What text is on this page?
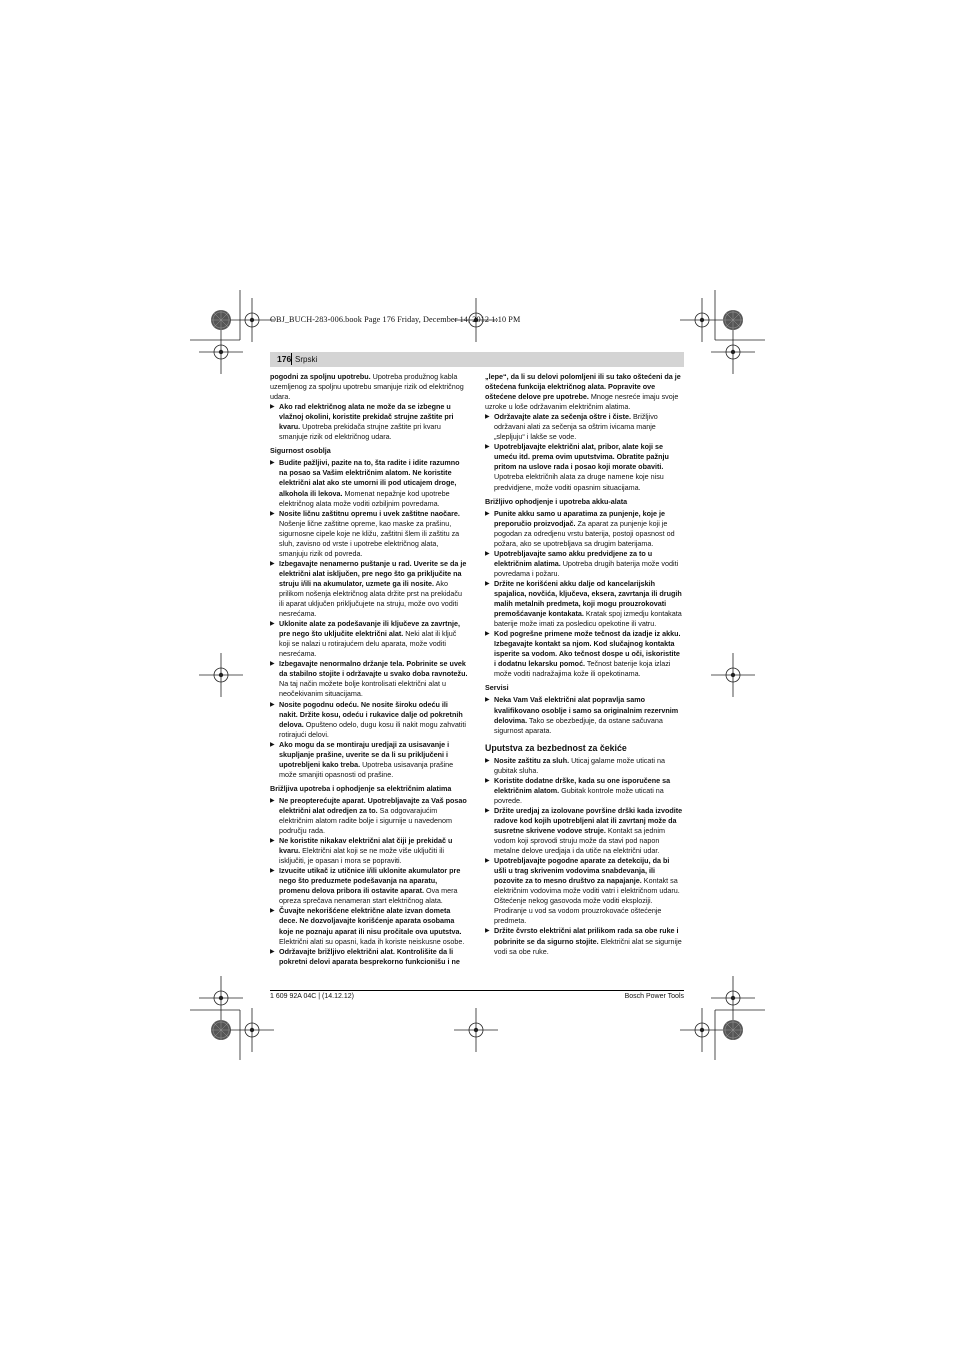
OBJ_BUCH-283-006.book Page 176 Friday, December 14, 2012 1:10 PM
176 Srpski

pogodni za spoljnu upotrebu. Upotreba produžnog kabla uzemljenog za spoljnu upotrebu smanjuje rizik od električnog udara.

▶ Ako rad električnog alata ne može da se izbegne u vlažnoj okolini, koristite prekidač strujne zaštite pri kvaru. Upotreba prekidača strujne zaštite pri kvaru smanjuje rizik od električnog udara.

Sigurnost osoblja

▶ Budite pažljivi, pazite na to, šta radite i idite razumno na posao sa Vašim električnim alatom. Ne koristite električni alat ako ste umorni ili pod uticajem droge, alkohola ili lekova. Momenat nepažnje kod upotrebe električnog alata može voditi ozbiljnim povredama.

▶ Nosite ličnu zaštitnu opremu i uvek zaštitne naočare. Nošenje lične zaštitne opreme, kao maske za prašinu, sigurnosne cipele koje ne kližu, zaštitni šlem ili zaštitu za sluh, zavisno od vrste i upotrebe električnog alata, smanjuju rizik od povreda.

▶ Izbegavajte nenamerno puštanje u rad. Uverite se da je električni alat isključen, pre nego što ga priključite na struju i/ili na akumulator, uzmete ga ili nosite. Ako prilikom nošenja električnog alata držite prst na prekidaču ili aparat uključen priključujete na struju, može ovo voditi nesrećama.

▶ Uklonite alate za podešavanje ili ključeve za zavrtnje, pre nego što uključite električni alat. Neki alat ili ključ koji se nalazi u rotirajućem delu aparata, može voditi nesrećama.

▶ Izbegavajte nenormalno držanje tela. Pobrinite se uvek da stabilno stojite i održavajte u svako doba ravnotežu. Na taj način možete bolje kontrolisati električni alat u neočekivanim situacijama.

▶ Nosite pogodnu odeću. Ne nosite široku odeću ili nakit. Držite kosu, odeću i rukavice dalje od pokretnih delova. Opušteno odelo, dugu kosu ili nakit mogu zahvatiti rotirajući delovi.

▶ Ako mogu da se montiraju uredjaji za usisavanje i skupljanje prašine, uverite se da li su priključeni i upotrebljeni kako treba. Upotreba usisavanja prašine može smanjiti opasnosti od prašine.

Brižljiva upotreba i ophodjenje sa električnim alatima

▶ Ne preopterećujte aparat. Upotrebljavajte za Vaš posao električni alat odredjen za to. Sa odgovarajućim električnim alatom radite bolje i sigurnije u navedenom području rada.

▶ Ne koristite nikakav električni alat čiji je prekidač u kvaru. Električni alat koji se ne može više uključiti ili isključiti, je opasan i mora se popraviti.

▶ Izvucite utikač iz utičnice i/ili uklonite akumulator pre nego što preduzmete podešavanja na aparatu, promenu delova pribora ili ostavite aparat. Ova mera opreza sprečava nenameran start električnog alata.

▶ Čuvajte nekorišćene električne alate izvan dometa dece. Ne dozvoljavajte korišćenje aparata osobama koje ne poznaju aparat ili nisu pročitale ova uputstva. Električni alati su opasni, kada ih koriste neiskusne osobe.

▶ Održavajte brižljivo električni alat. Kontrolišite da li pokretni delovi aparata besprekorno funkcionišu i ne

„lepe“, da li su delovi polomljeni ili su tako oštećeni da je oštećena funkcija električnog alata. Popravite ove oštećene delove pre upotrebe. Mnoge nesreće imaju svoje uzroke u loše održavanim električnim alatima.

▶ Održavajte alate za sečenja oštre i čiste. Brižljivo održavani alati za sečenja sa oštrim ivicama manje „slepljuju“ i lakše se vode.

▶ Upotrebljavajte električni alat, pribor, alate koji se umeću itd. prema ovim uputstvima. Obratite pažnju pritom na uslove rada i posao koji morate obaviti. Upotreba električnih alata za druge namene koje nisu predvidjene, može voditi opasnim situacijama.

Brižljivo ophodjenje i upotreba akku-alata

▶ Punite akku samo u aparatima za punjenje, koje je preporučio proizvodjač. Za aparat za punjenje koji je pogodan za odredjenu vrstu baterija, postoji opasnost od požara, ako se upotrebljava sa drugim baterijama.

▶ Upotrebljavajte samo akku predvidjene za to u električnim alatima. Upotreba drugih baterija može voditi povredama i požaru.

▶ Držite ne korišćeni akku dalje od kancelarijskih spajalica, novčića, ključeva, eksera, zavrtanja ili drugih malih metalnih predmeta, koji mogu prouzrokovati premošćavanje kontakata. Kratak spoj izmedju kontakata baterije može imati za posledicu opekotine ili vatru.

▶ Kod pogrešne primene može tečnost da izadje iz akku. Izbegavajte kontakt sa njom. Kod slučajnog kontakta isperite sa vodom. Ako tečnost dospe u oči, iskoristite i dodatnu lekarsku pomoć. Tečnost baterije koja izlazi može voditi nadražajima kože ili opekotinama.

Servisi

▶ Neka Vam Vaš električni alat popravlja samo kvalifikovano osoblje i samo sa originalnim rezervnim delovima. Tako se obezbedjuje, da ostane sačuvana sigurnost aparata.

Uputstva za bezbednost za čekiće

▶ Nosite zaštitu za sluh. Uticaj galame može uticati na gubitak sluha.

▶ Koristite dodatne drške, kada su one isporučene sa električnim alatom. Gubitak kontrole može uticati na povrede.

▶ Držite uredjaj za izolovane površine drški kada izvodite radove kod kojih upotrebljeni alat ili zavrtanj može da susretne skrivene vodove struje. Kontakt sa jednim vodom koji sprovodi struju može da stavi pod napon metalne delove uredjaja i da utiče na električni udar.

▶ Upotrebljavajte pogodne aparate za detekciju, da bi ušli u trag skrivenim vodovima snabdevanja, ili pozovite za to mesno društvo za napajanje. Kontakt sa električnim vodovima može voditi vatri i električnom udaru. Oštećenje nekog gasovoda može voditi eksploziji. Prodiranje u vod sa vodom prouzrokovaće oštećenje predmeta.

▶ Držite čvrsto električni alat prilikom rada sa obe ruke i pobrinite se da sigurno stojite. Električni alat se sigurnije vodi sa obe ruke.

1 609 92A 04C | (14.12.12)	Bosch Power Tools
